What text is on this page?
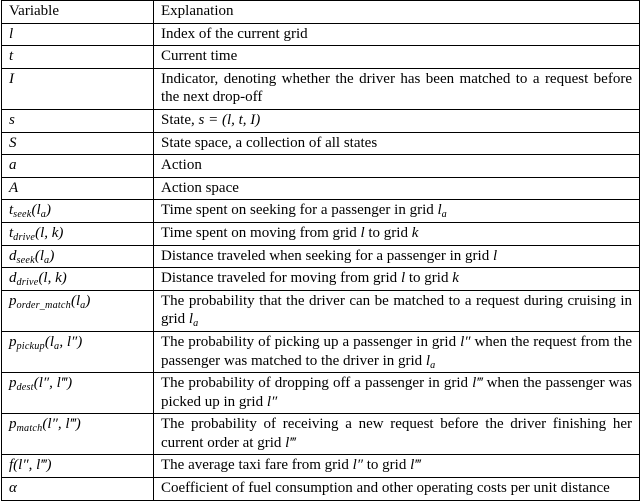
Variable	Explanation
l	Index of the current grid
t	Current time
I	Indicator, denoting whether the driver has been matched to a request before the next drop-off
s	State, s = (l, t, I)
S	State space, a collection of all states
a	Action
A	Action space
$t_{seek}(l_a)$	Time spent on seeking for a passenger in grid $l_a$
$t_{drive}(l$, k)	Time spent on moving from grid l to grid k
$d_{seek}(l_a)$	Distance traveled when seeking for a passenger in grid l
$d_{drive}(l$, k)	Distance traveled for moving from grid l to grid k
$p_{order\_match}(l_a)$	The probability that the driver can be matched to a request during cruising in grid $l_a$
$p_{pickup}(l_a$, l″)	The probability of picking up a passenger in grid l″ when the request from the passenger was matched to the driver in grid $l_a$
$p_{dest}(l''$, l‴)	The probability of dropping off a passenger in grid l‴ when the passenger was picked up in grid l″
$p_{match}(l''$, l‴)	The probability of receiving a new request before the driver finishing her current order at grid l‴
f(l″, l‴)	The average taxi fare from grid l″ to grid l‴
α	Coefficient of fuel consumption and other operating costs per unit distance
